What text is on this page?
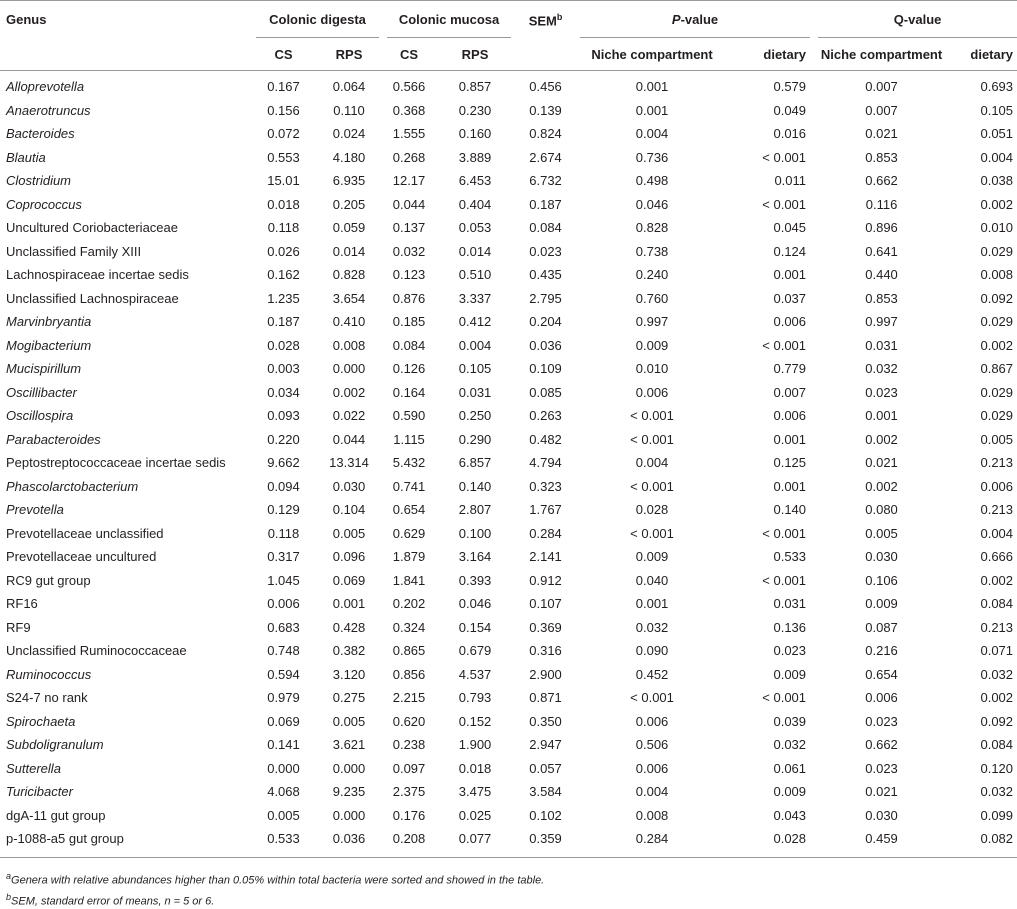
Genus	Colonic digesta		Colonic mucosa		SEM$^b$	P-value		Q-value	

	CS	RPS	CS	RPS		Niche compartment	dietary	Niche compartment	dietary
Alloprevotella	0.167	0.064	0.566	0.857	0.456	0.001	0.579	0.007	0.693
Anaerotruncus	0.156	0.110	0.368	0.230	0.139	0.001	0.049	0.007	0.105
Bacteroides	0.072	0.024	1.555	0.160	0.824	0.004	0.016	0.021	0.051
Blautia	0.553	4.180	0.268	3.889	2.674	0.736	< 0.001	0.853	0.004
Clostridium	15.01	6.935	12.17	6.453	6.732	0.498	0.011	0.662	0.038
Coprococcus	0.018	0.205	0.044	0.404	0.187	0.046	< 0.001	0.116	0.002
Uncultured Coriobacteriaceae	0.118	0.059	0.137	0.053	0.084	0.828	0.045	0.896	0.010
Unclassified Family XIII	0.026	0.014	0.032	0.014	0.023	0.738	0.124	0.641	0.029
Lachnospiraceae incertae sedis	0.162	0.828	0.123	0.510	0.435	0.240	0.001	0.440	0.008
Unclassified Lachnospiraceae	1.235	3.654	0.876	3.337	2.795	0.760	0.037	0.853	0.092
Marvinbryantia	0.187	0.410	0.185	0.412	0.204	0.997	0.006	0.997	0.029
Mogibacterium	0.028	0.008	0.084	0.004	0.036	0.009	< 0.001	0.031	0.002
Mucispirillum	0.003	0.000	0.126	0.105	0.109	0.010	0.779	0.032	0.867
Oscillibacter	0.034	0.002	0.164	0.031	0.085	0.006	0.007	0.023	0.029
Oscillospira	0.093	0.022	0.590	0.250	0.263	< 0.001	0.006	0.001	0.029
Parabacteroides	0.220	0.044	1.115	0.290	0.482	< 0.001	0.001	0.002	0.005
Peptostreptococcaceae incertae sedis	9.662	13.314	5.432	6.857	4.794	0.004	0.125	0.021	0.213
Phascolarctobacterium	0.094	0.030	0.741	0.140	0.323	< 0.001	0.001	0.002	0.006
Prevotella	0.129	0.104	0.654	2.807	1.767	0.028	0.140	0.080	0.213
Prevotellaceae unclassified	0.118	0.005	0.629	0.100	0.284	< 0.001	< 0.001	0.005	0.004
Prevotellaceae uncultured	0.317	0.096	1.879	3.164	2.141	0.009	0.533	0.030	0.666
RC9 gut group	1.045	0.069	1.841	0.393	0.912	0.040	< 0.001	0.106	0.002
RF16	0.006	0.001	0.202	0.046	0.107	0.001	0.031	0.009	0.084
RF9	0.683	0.428	0.324	0.154	0.369	0.032	0.136	0.087	0.213
Unclassified Ruminococcaceae	0.748	0.382	0.865	0.679	0.316	0.090	0.023	0.216	0.071
Ruminococcus	0.594	3.120	0.856	4.537	2.900	0.452	0.009	0.654	0.032
S24-7 no rank	0.979	0.275	2.215	0.793	0.871	< 0.001	< 0.001	0.006	0.002
Spirochaeta	0.069	0.005	0.620	0.152	0.350	0.006	0.039	0.023	0.092
Subdoligranulum	0.141	3.621	0.238	1.900	2.947	0.506	0.032	0.662	0.084
Sutterella	0.000	0.000	0.097	0.018	0.057	0.006	0.061	0.023	0.120
Turicibacter	4.068	9.235	2.375	3.475	3.584	0.004	0.009	0.021	0.032
dgA-11 gut group	0.005	0.000	0.176	0.025	0.102	0.008	0.043	0.030	0.099
p-1088-a5 gut group	0.533	0.036	0.208	0.077	0.359	0.284	0.028	0.459	0.082
$^a$Genera with relative abundances higher than 0.05% within total bacteria were sorted and showed in the table.
$^b$SEM, standard error of means, n = 5 or 6.
